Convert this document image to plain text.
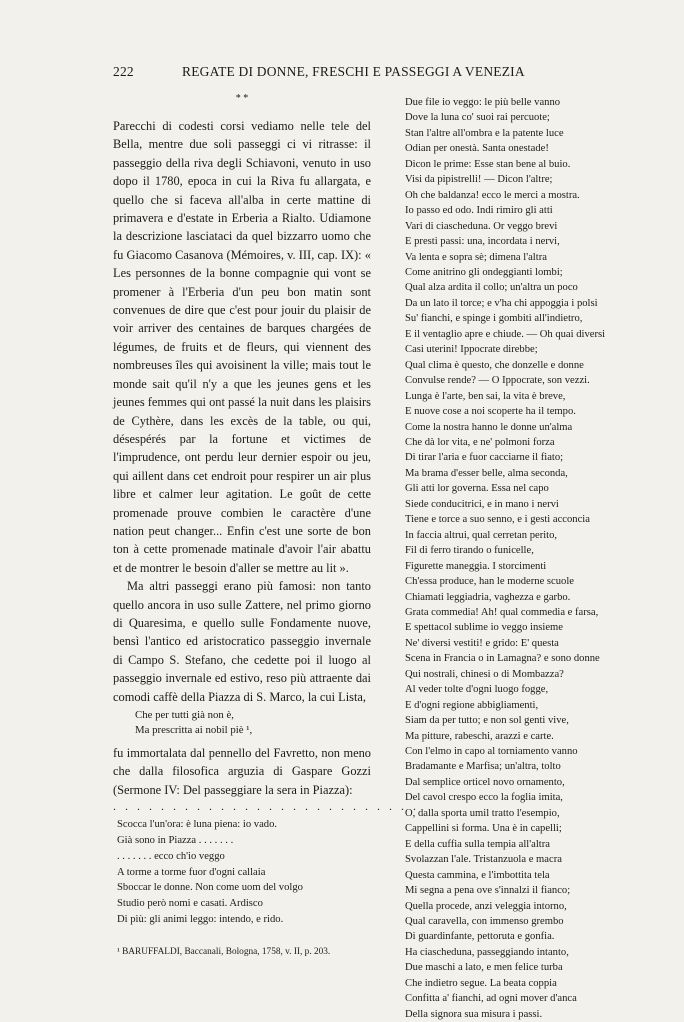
222	REGATE DI DONNE, FRESCHI E PASSEGGI A VENEZIA
* *

Parecchi di codesti corsi vediamo nelle tele del Bella, mentre due soli passeggi ci vi ritrasse: il passeggio della riva degli Schiavoni, venuto in uso dopo il 1780, epoca in cui la Riva fu allargata, e quello che si faceva all'alba in certe mattine di primavera e d'estate in Erberia a Rialto. Udiamone la descrizione lasciataci da quel bizzarro uomo che fu Giacomo Casanova (Mémoires, v. III, cap. IX): « Les personnes de la bonne compagnie qui vont se promener à l'Erberia d'un peu bon matin sont convenues de dire que c'est pour jouir du plaisir de voir arriver des centaines de barques chargées de légumes, de fruits et de fleurs, qui viennent des nombreuses îles qui avoisinent la ville; mais tout le monde sait qu'il n'y a que les jeunes gens et les jeunes femmes qui ont passé la nuit dans les plaisirs de Cythère, dans les excès de la table, ou qui, désespérés par la fortune et victimes de l'imprudence, ont perdu leur dernier espoir ou jeu, qui aillent dans cet endroit pour respirer un air plus libre et calmer leur agitation. Le goût de cette promenade prouve combien le caractère d'une nation peut changer... Enfin c'est une sorte de bon ton à cette promenade matinale d'avoir l'air abattu et de montrer le besoin d'aller se mettre au lit ».

Ma altri passeggi erano più famosi: non tanto quello ancora in uso sulle Zattere, nel primo giorno di Quaresima, e quello sulle Fondamente nuove, bensì l'antico ed aristocratico passeggio invernale di Campo S. Stefano, che cedette poi il luogo al passeggio invernale ed estivo, reso più attraente dai comodi caffè della Piazza di S. Marco, la cui Lista,

Che per tutti già non è,
Ma prescritta ai nobil piè ¹,

fu immortalata dal pennello del Favretto, non meno che dalla filosofica arguzia di Gaspare Gozzi (Sermone IV: Del passeggiare la sera in Piazza):

. . . . . . . . . . . . . . . . . . . . . . . . . .
Scocca l'un'ora: è luna piena: io vado.
Già sono in Piazza . . . . . . .
. . . . . . . ecco ch'io veggo
A torme a torme fuor d'ogni callaia
Sboccar le donne. Non come uom del volgo
Studio però nomi e casati. Ardisco
Di più: gli animi leggo: intendo, e rido.
¹ BARUFFALDI, Baccanali, Bologna, 1758, v. II, p. 203.
Due file io veggo: le più belle vanno
Dove la luna co' suoi rai percuote;
Stan l'altre all'ombra e la patente luce
Odian per onestà. Santa onestade!
Dicon le prime: Esse stan bene al buio.
Visi da pipistrelli! — Dicon l'altre;
Oh che baldanza! ecco le merci a mostra.
Io passo ed odo. Indi rimiro gli atti
Vari di ciascheduna. Or veggo brevi
E presti passi: una, incordata i nervi,
Va lenta e sopra sè; dimena l'altra
Come anitrino gli ondeggianti lombi;
Qual alza ardita il collo; un'altra un poco
Da un lato il torce; e v'ha chi appoggia i polsi
Su' fianchi, e spinge i gombiti all'indietro,
E il ventaglio apre e chiude. — Oh quai diversi
Casi uterini! Ippocrate direbbe;
Qual clima è questo, che donzelle e donne
Convulse rende? — O Ippocrate, son vezzi.
Lunga è l'arte, ben sai, la vita è breve,
E nuove cose a noi scoperte ha il tempo.
Come la nostra hanno le donne un'alma
Che dà lor vita, e ne' polmoni forza
Di tirar l'aria e fuor cacciarne il fiato;
Ma brama d'esser belle, alma seconda,
Gli atti lor governa. Essa nel capo
Siede conducitrici, e in mano i nervi
Tiene e torce a suo senno, e i gesti acconcia
In faccia altrui, qual cerretan perito,
Fil di ferro tirando o funicelle,
Figurette maneggia. I storcimenti
Ch'essa produce, han le moderne scuole
Chiamati leggiadria, vaghezza e garbo.
Grata commedia! Ah! qual commedia e farsa,
E spettacol sublime io veggo insieme
Ne' diversi vestiti! e grido: E' questa
Scena in Francia o in Lamagna? e sono donne
Qui nostrali, chinesi o di Mombazza?
Al veder tolte d'ogni luogo fogge,
E d'ogni regione abbigliamenti,
Siam da per tutto; e non sol genti vive,
Ma pitture, rabeschi, arazzi e carte.
Con l'elmo in capo al torniamento vanno
Bradamante e Marfisa; un'altra, tolto
Dal semplice orticel novo ornamento,
Del cavol crespo ecco la foglia imita,
O, dalla sporta umil tratto l'esempio,
Cappellini si forma. Una è in capelli;
E della cuffia sulla tempia all'altra
Svolazzan l'ale. Tristanzuola e macra
Questa cammina, e l'imbottita tela
Mi segna a pena ove s'innalzi il fianco;
Quella procede, anzi veleggia intorno,
Qual caravella, con immenso grembo
Di guardinfante, pettoruta e gonfia.
Ha ciascheduna, passeggiando intanto,
Due maschi a lato, e men felice turba
Che indietro segue. La beata coppia
Confitta a' fianchi, ad ogni mover d'anca
Della signora sua misura i passi.
